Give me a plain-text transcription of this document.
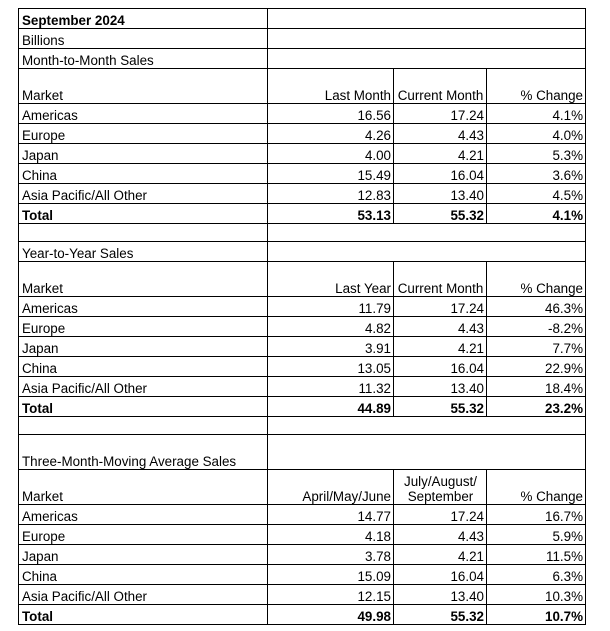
September 2024			
Billions			
Month-to-Month Sales			
Market	Last Month	Current Month	% Change
Americas	16.56	17.24	4.1%
Europe	4.26	4.43	4.0%
Japan	4.00	4.21	5.3%
China	15.49	16.04	3.6%
Asia Pacific/All Other	12.83	13.40	4.5%
Total	53.13	55.32	4.1%

Year-to-Year Sales			
Market	Last Year	Current Month	% Change
Americas	11.79	17.24	46.3%
Europe	4.82	4.43	-8.2%
Japan	3.91	4.21	7.7%
China	13.05	16.04	22.9%
Asia Pacific/All Other	11.32	13.40	18.4%
Total	44.89	55.32	23.2%

Three-Month-Moving Average Sales			
Market	April/May/June	July/August/ September	% Change
Americas	14.77	17.24	16.7%
Europe	4.18	4.43	5.9%
Japan	3.78	4.21	11.5%
China	15.09	16.04	6.3%
Asia Pacific/All Other	12.15	13.40	10.3%
Total	49.98	55.32	10.7%
